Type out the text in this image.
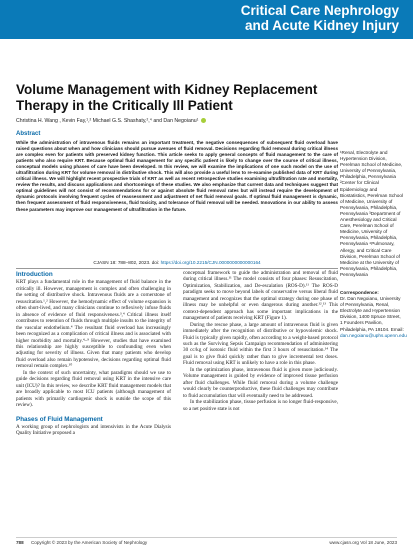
Critical Care Nephrology
and Acute Kidney Injury
Volume Management with Kidney Replacement Therapy in the Critically Ill Patient
Christina H. Wang , Kevin Fay,¹,² Michael G.S. Shashaty,²,⁴ and Dan Negoianu¹
Abstract

While the administration of intravenous fluids remains an important treatment, the negative consequences of subsequent fluid overload have raised questions about when and how clinicians should pursue avenues of fluid removal. Decisions regarding fluid removal during critical illness are complex even for patients with preserved kidney function. This article seeks to apply general concepts of fluid management to the care of patients who also require KRT. Because optimal fluid management for any specific patient is likely to change over the course of critical illness, conceptual models using phases of care have been developed. In this review, we will examine the implications of one such model on the use of ultrafiltration during KRT for volume removal in distributive shock. This will also provide a useful lens to re-examine published data of KRT during critical illness. We will highlight recent prospective trials of KRT as well as recent retrospective studies examining ultrafiltration rate and mortality, review the results, and discuss applications and shortcomings of these studies. We also emphasize that current data and techniques suggest that optimal guidelines will not consist of recommendations for or against absolute fluid removal rates but will instead require the development of dynamic protocols involving frequent cycles of reassessment and adjustment of net fluid removal goals. If optimal fluid management is dynamic, then frequent assessment of fluid responsiveness, fluid toxicity, and tolerance of fluid removal will be needed. Innovations in our ability to assess these parameters may improve our management of ultrafiltration in the future.

CJASN 18: 788–802, 2023. doi: https://doi.org/10.2215/CJN.0000000000000164

¹Renal, Electrolyte and Hypertension Division, Perelman School of Medicine, University of Pennsylvania, Philadelphia, Pennsylvania ²Center for Clinical Epidemiology and Biostatistics, Perelman School of Medicine, University of Pennsylvania, Philadelphia, Pennsylvania ³Department of Anesthesiology and Critical Care, Perelman School of Medicine, University of Pennsylvania, Philadelphia, Pennsylvania ⁴Pulmonary, Allergy, and Critical Care Division, Perelman School of Medicine at the University of Pennsylvania, Philadelphia, Pennsylvania

Correspondence:

Dr. Dan Negoianu, University of Pennsylvania, Renal, Electrolyte and Hypertension Division, 1400 Spruce Street, 1 Founders Pavilion, Philadelphia, PA 19104. Email: dan.negoianu@uphs.upenn.edu

Introduction

KRT plays a fundamental role in the management of fluid balance in the critically ill. However, management is complex and often challenging in the setting of distributive shock. Intravenous fluids are a cornerstone of resuscitation.¹,² However, the hemodynamic effect of volume expansion is often short-lived, and many clinicians continue to reflexively infuse fluids in absence of evidence of fluid responsiveness.³,⁴ Critical illness itself contributes to retention of fluids through multiple insults to the integrity of the vascular endothelium.⁴ The resultant fluid overload has increasingly been recognized as a complication of critical illness and is associated with higher morbidity and mortality.⁴–⁹ However, studies that have examined this relationship are highly susceptible to confounding even when adjusting for severity of illness. Given that many patients who develop fluid overload also remain hypotensive, decisions regarding optimal fluid removal remain complex.¹⁰

In the context of such uncertainty, what paradigms should we use to guide decisions regarding fluid removal using KRT in the intensive care unit (ICU)? In this review, we describe KRT fluid management models that are broadly applicable to most ICU patients (although management of patients with primarily cardiogenic shock is outside the scope of this review).

Phases of Fluid Management

A working group of nephrologists and intensivists in the Acute Dialysis Quality Initiative proposed a

conceptual framework to guide the administration and removal of fluid during critical illness.¹¹ The model consists of four phases: Resuscitation, Optimization, Stabilization, and De-escalation (ROS-D).¹¹ The ROS-D paradigm seeks to move beyond labels of conservative versus liberal fluid management and recognizes that the optimal strategy during one phase of illness may be unhelpful or even dangerous during another.¹²,¹³ This context-dependent approach has some important implications in the management of patients receiving KRT (Figure 1).

During the rescue phase, a large amount of intravenous fluid is given immediately after the recognition of distributive or hypovolemic shock. Fluid is typically given rapidly, often according to a weight-based protocol such as the Surviving Sepsis Campaign recommendation of administering 30 cc/kg of isotonic fluid within the first 3 hours of resuscitation.¹⁴ The goal is to give fluid quickly rather than to give incremental test doses. Fluid removal using KRT is unlikely to have a role in this phase.

In the optimization phase, intravenous fluid is given more judiciously. Volume management is guided by evidence of improved tissue perfusion after fluid challenges. While fluid removal during a volume challenge would clearly be counterproductive, these fluid challenges may contribute to fluid accumulation that will eventually need to be addressed.

In the stabilization phase, tissue perfusion is no longer fluid-responsive, so a net positive state is not

788 Copyright © 2023 by the American Society of Nephrology	www.cjasn.org Vol 18 June, 2023
